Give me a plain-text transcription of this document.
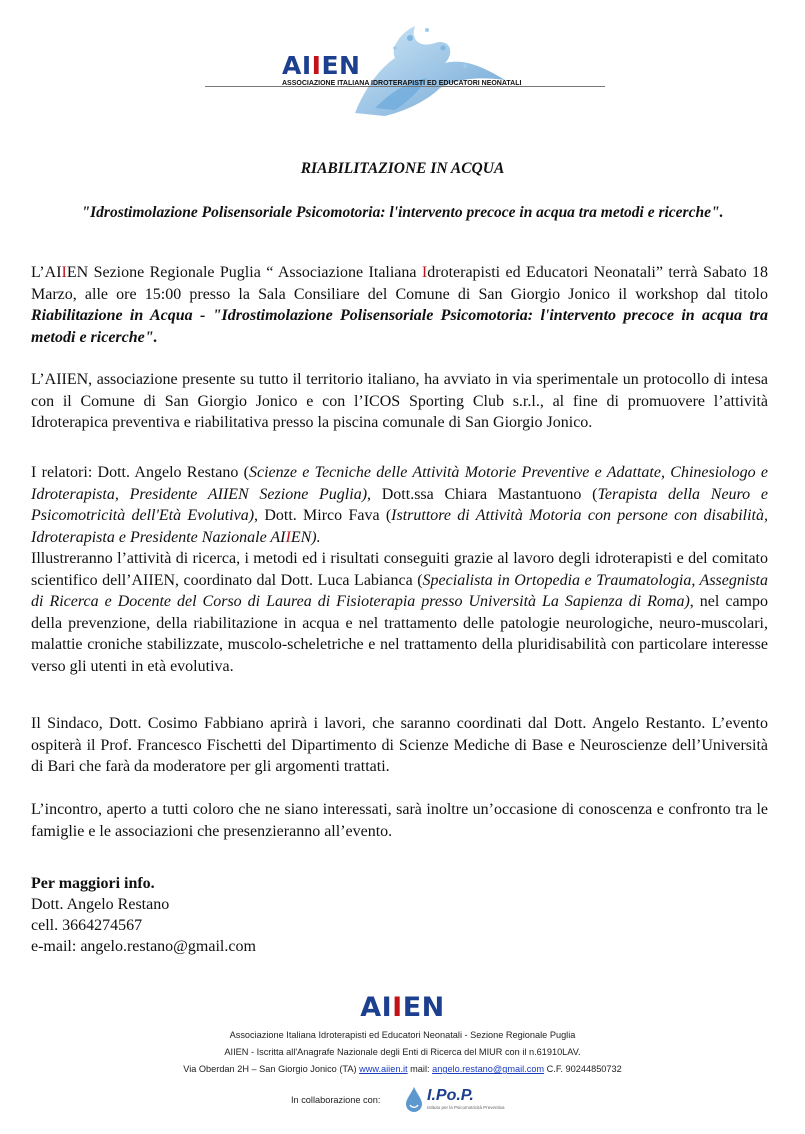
AIIEN
ASSOCIAZIONE ITALIANA IDROTERAPISTI ED EDUCATORI NEONATALI
RIABILITAZIONE IN ACQUA
"Idrostimolazione Polisensoriale Psicomotoria: l'intervento precoce in acqua tra metodi e ricerche".

L’AIIEN Sezione Regionale Puglia “ Associazione Italiana Idroterapisti ed Educatori Neonatali” terrà Sabato 18 Marzo, alle ore 15:00 presso la Sala Consiliare del Comune di San Giorgio Jonico il workshop dal titolo Riabilitazione in Acqua - "Idrostimolazione Polisensoriale Psicomotoria: l'intervento precoce in acqua tra metodi e ricerche".

L’AIIEN, associazione presente su tutto il territorio italiano, ha avviato in via sperimentale un protocollo di intesa con il Comune di San Giorgio Jonico e con l’ICOS Sporting Club s.r.l., al fine di promuovere l’attività Idroterapica preventiva e riabilitativa presso la piscina comunale di San Giorgio Jonico.

I relatori: Dott. Angelo Restano (Scienze e Tecniche delle Attività Motorie Preventive e Adattate, Chinesiologo e Idroterapista, Presidente AIIEN Sezione Puglia), Dott.ssa Chiara Mastantuono (Terapista della Neuro e Psicomotricità dell'Età Evolutiva), Dott. Mirco Fava (Istruttore di Attività Motoria con persone con disabilità, Idroterapista e Presidente Nazionale AIIEN).
Illustreranno l’attività di ricerca, i metodi ed i risultati conseguiti grazie al lavoro degli idroterapisti e del comitato scientifico dell’AIIEN, coordinato dal Dott. Luca Labianca (Specialista in Ortopedia e Traumatologia, Assegnista di Ricerca e Docente del Corso di Laurea di Fisioterapia presso Università La Sapienza di Roma), nel campo della prevenzione, della riabilitazione in acqua e nel trattamento delle patologie neurologiche, neuro-muscolari, malattie croniche stabilizzate, muscolo-scheletriche e nel trattamento della pluridisabilità con particolare interesse verso gli utenti in età evolutiva.

Il Sindaco, Dott. Cosimo Fabbiano aprirà i lavori, che saranno coordinati dal Dott. Angelo Restanto. L’evento ospiterà il Prof. Francesco Fischetti del Dipartimento di Scienze Mediche di Base e Neuroscienze dell’Università di Bari che farà da moderatore per gli argomenti trattati.

L’incontro, aperto a tutti coloro che ne siano interessati, sarà inoltre un’occasione di conoscenza e confronto tra le famiglie e le associazioni che presenzieranno all’evento.

Per maggiori info.
Dott. Angelo Restano
cell. 3664274567
e-mail: angelo.restano@gmail.com
AIIEN
Associazione Italiana Idroterapisti ed Educatori Neonatali - Sezione Regionale Puglia
AIIEN - Iscritta all'Anagrafe Nazionale degli Enti di Ricerca del MIUR con il n.61910LAV.
Via Oberdan 2H – San Giorgio Jonico (TA) www.aiien.it mail: angelo.restano@gmail.com C.F. 90244850732
In collaborazione con:	I.Po.P.
Istituto per la Psicomotricità Preventiva
